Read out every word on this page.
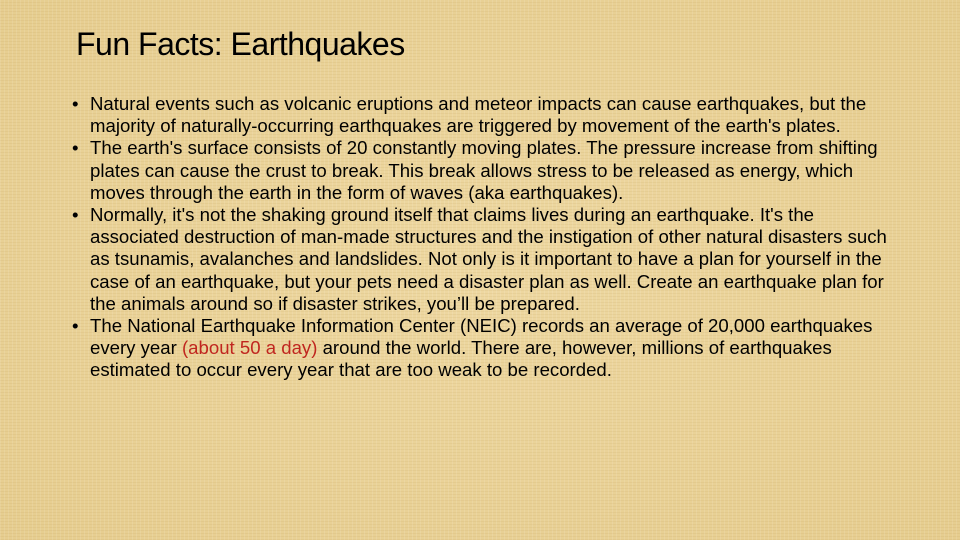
Fun Facts: Earthquakes
• Natural events such as volcanic eruptions and meteor impacts can cause earthquakes, but the majority of naturally-occurring earthquakes are triggered by movement of the earth's plates.
• The earth's surface consists of 20 constantly moving plates. The pressure increase from shifting plates can cause the crust to break. This break allows stress to be released as energy, which moves through the earth in the form of waves (aka earthquakes).
• Normally, it's not the shaking ground itself that claims lives during an earthquake. It's the associated destruction of man-made structures and the instigation of other natural disasters such as tsunamis, avalanches and landslides. Not only is it important to have a plan for yourself in the case of an earthquake, but your pets need a disaster plan as well. Create an earthquake plan for the animals around so if disaster strikes, you’ll be prepared.
• The National Earthquake Information Center (NEIC) records an average of 20,000 earthquakes every year (about 50 a day) around the world. There are, however, millions of earthquakes estimated to occur every year that are too weak to be recorded.
